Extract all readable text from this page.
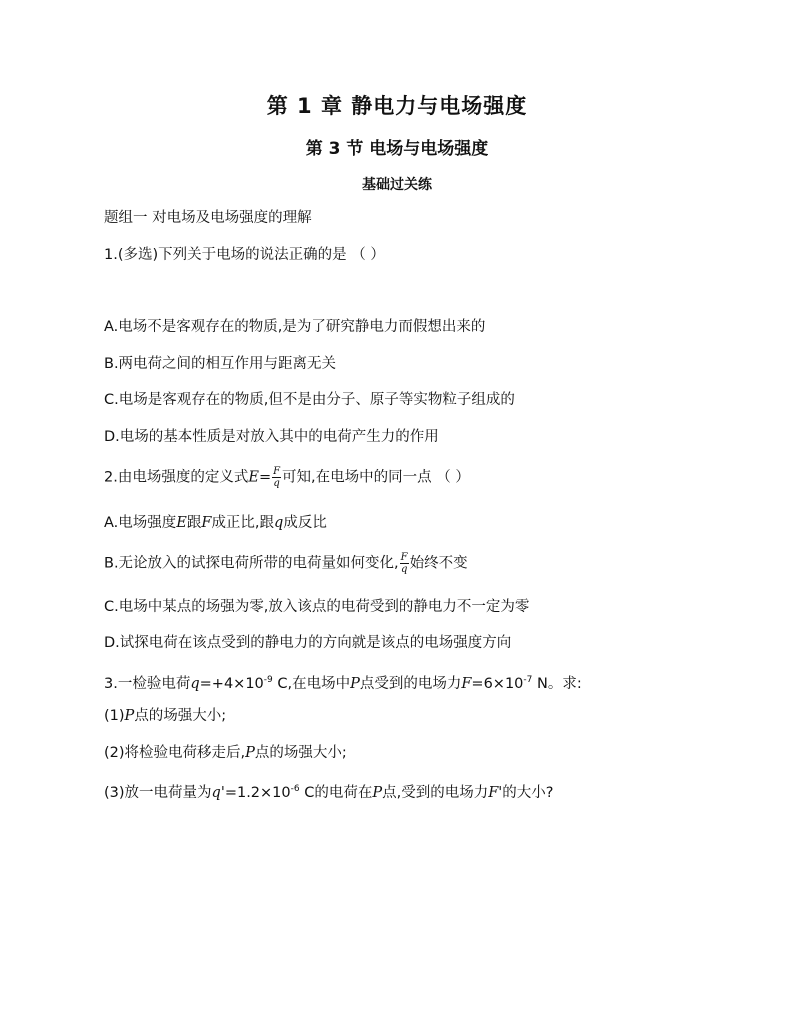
第 1 章 静电力与电场强度
第 3 节 电场与电场强度
基础过关练
题组一 对电场及电场强度的理解
1.(多选)下列关于电场的说法正确的是 （ ）
A.电场不是客观存在的物质,是为了研究静电力而假想出来的
B.两电荷之间的相互作用与距离无关
C.电场是客观存在的物质,但不是由分子、原子等实物粒子组成的
D.电场的基本性质是对放入其中的电荷产生力的作用
2.由电场强度的定义式$E= \frac{F}{q}$ 可知,在电场中的同一点 （ ）
A.电场强度E跟F成正比,跟q成反比
B.无论放入的试探电荷所带的电荷量如何变化, $\frac{F}{q}$ 始终不变
C.电场中某点的场强为零,放入该点的电荷受到的静电力不一定为零
D.试探电荷在该点受到的静电力的方向就是该点的电场强度方向
3.一检验电荷$q=+4\times 10^{-9}$ C,在电场中P点受到的电场力$F=6\times 10^{-7}$ N。求:
(1)P点的场强大小;
(2)将检验电荷移走后,P点的场强大小;
(3)放一电荷量为$q'=1.2\times 10^{-6}$ C的电荷在P点,受到的电场力F'的大小?
